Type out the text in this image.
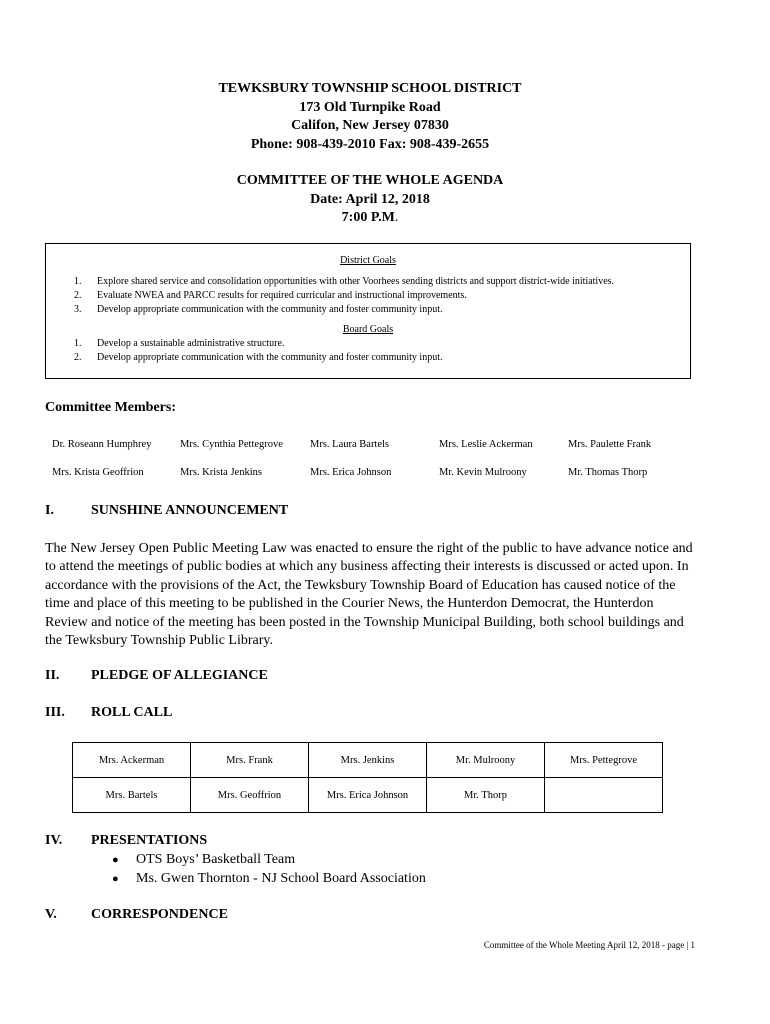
TEWKSBURY TOWNSHIP SCHOOL DISTRICT
173 Old Turnpike Road
Califon, New Jersey 07830
Phone: 908-439-2010 Fax: 908-439-2655
COMMITTEE OF THE WHOLE AGENDA
Date: April 12, 2018
7:00 P.M.
District Goals
1. Explore shared service and consolidation opportunities with other Voorhees sending districts and support district-wide initiatives.
2. Evaluate NWEA and PARCC results for required curricular and instructional improvements.
3. Develop appropriate communication with the community and foster community input.
Board Goals
1. Develop a sustainable administrative structure.
2. Develop appropriate communication with the community and foster community input.
Committee Members:
Dr. Roseann Humphrey	Mrs. Cynthia Pettegrove	Mrs. Laura Bartels	Mrs. Leslie Ackerman	Mrs. Paulette Frank
Mrs. Krista Geoffrion	Mrs. Krista Jenkins	Mrs. Erica Johnson	Mr. Kevin Mulroony	Mr. Thomas Thorp
I.	SUNSHINE ANNOUNCEMENT

The New Jersey Open Public Meeting Law was enacted to ensure the right of the public to have advance notice and to attend the meetings of public bodies at which any business affecting their interests is discussed or acted upon. In accordance with the provisions of the Act, the Tewksbury Township Board of Education has caused notice of the time and place of this meeting to be published in the Courier News, the Hunterdon Democrat, the Hunterdon Review and notice of the meeting has been posted in the Township Municipal Building, both school buildings and the Tewksbury Township Public Library.

II. PLEDGE OF ALLEGIANCE
III. ROLL CALL
Mrs. Ackerman	Mrs. Frank	Mrs. Jenkins	Mr. Mulroony	Mrs. Pettegrove
Mrs. Bartels	Mrs. Geoffrion	Mrs. Erica Johnson	Mr. Thorp	
IV. PRESENTATIONS
● OTS Boys’ Basketball Team
● Ms. Gwen Thornton - NJ School Board Association
V. CORRESPONDENCE
Committee of the Whole Meeting April 12, 2018 - page | 1
